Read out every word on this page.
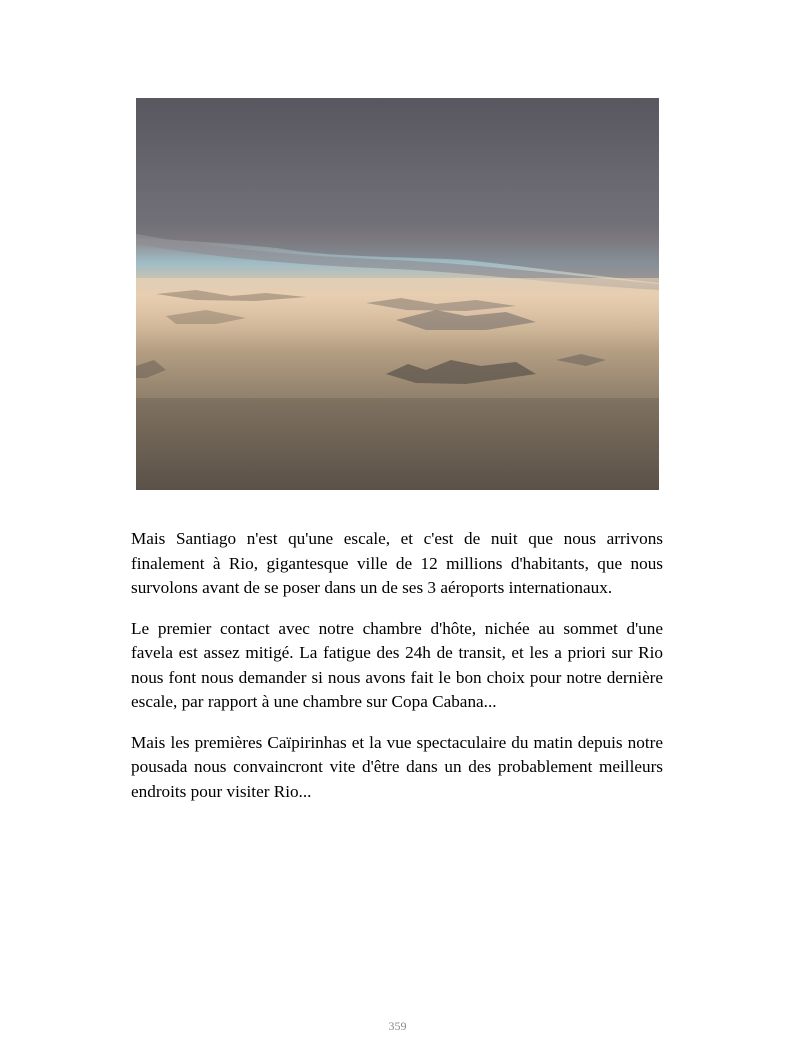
Mais Santiago n'est qu'une escale, et c'est de nuit que nous arrivons finalement à Rio, gigantesque ville de 12 millions d'habitants, que nous survolons avant de se poser dans un de ses 3 aéroports internationaux.

Le premier contact avec notre chambre d'hôte, nichée au sommet d'une favela est assez mitigé. La fatigue des 24h de transit, et les a priori sur Rio nous font nous demander si nous avons fait le bon choix pour notre dernière escale, par rapport à une chambre sur Copa Cabana...

Mais les premières Caïpirinhas et la vue spectaculaire du matin depuis notre pousada nous convaincront vite d'être dans un des probablement meilleurs endroits pour visiter Rio...

359
